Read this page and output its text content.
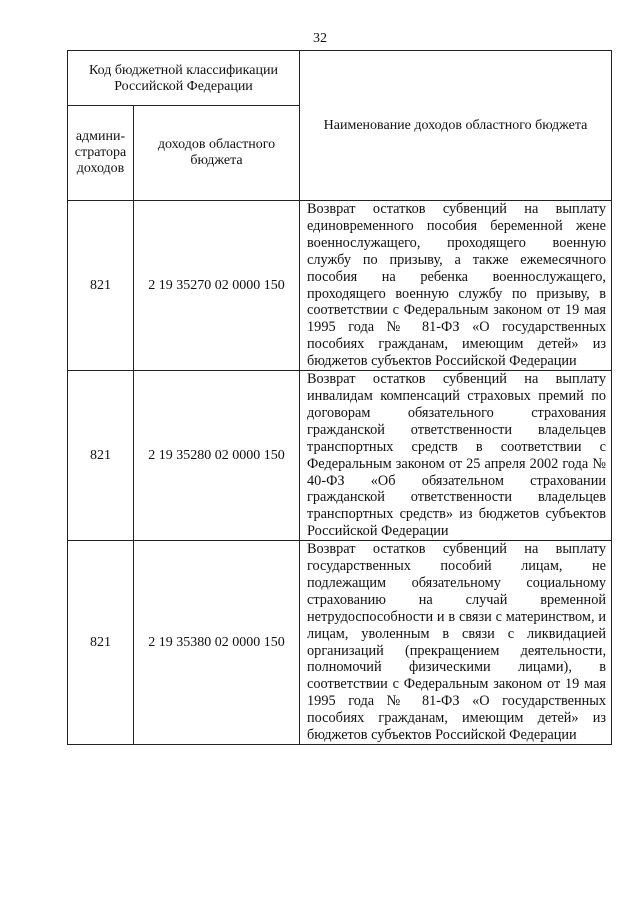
32
Код бюджетной классификации Российской Федерации		Наименование доходов областного бюджета
админи-стратора доходов	доходов областного бюджета	
821	2 19 35270 02 0000 150	Возврат остатков субвенций на выплату единовременного пособия беременной жене военнослужащего, проходящего военную службу по призыву, а также ежемесячного пособия на ребенка военнослужащего, проходящего военную службу по призыву, в соответствии с Федеральным законом от 19 мая 1995 года № 81-ФЗ «О государственных пособиях гражданам, имеющим детей» из бюджетов субъектов Российской Федерации
821	2 19 35280 02 0000 150	Возврат остатков субвенций на выплату инвалидам компенсаций страховых премий по договорам обязательного страхования гражданской ответственности владельцев транспортных средств в соответствии с Федеральным законом от 25 апреля 2002 года № 40-ФЗ «Об обязательном страховании гражданской ответственности владельцев транспортных средств» из бюджетов субъектов Российской Федерации
821	2 19 35380 02 0000 150	Возврат остатков субвенций на выплату государственных пособий лицам, не подлежащим обязательному социальному страхованию на случай временной нетрудоспособности и в связи с материнством, и лицам, уволенным в связи с ликвидацией организаций (прекращением деятельности, полномочий физическими лицами), в соответствии с Федеральным законом от 19 мая 1995 года № 81-ФЗ «О государственных пособиях гражданам, имеющим детей» из бюджетов субъектов Российской Федерации
